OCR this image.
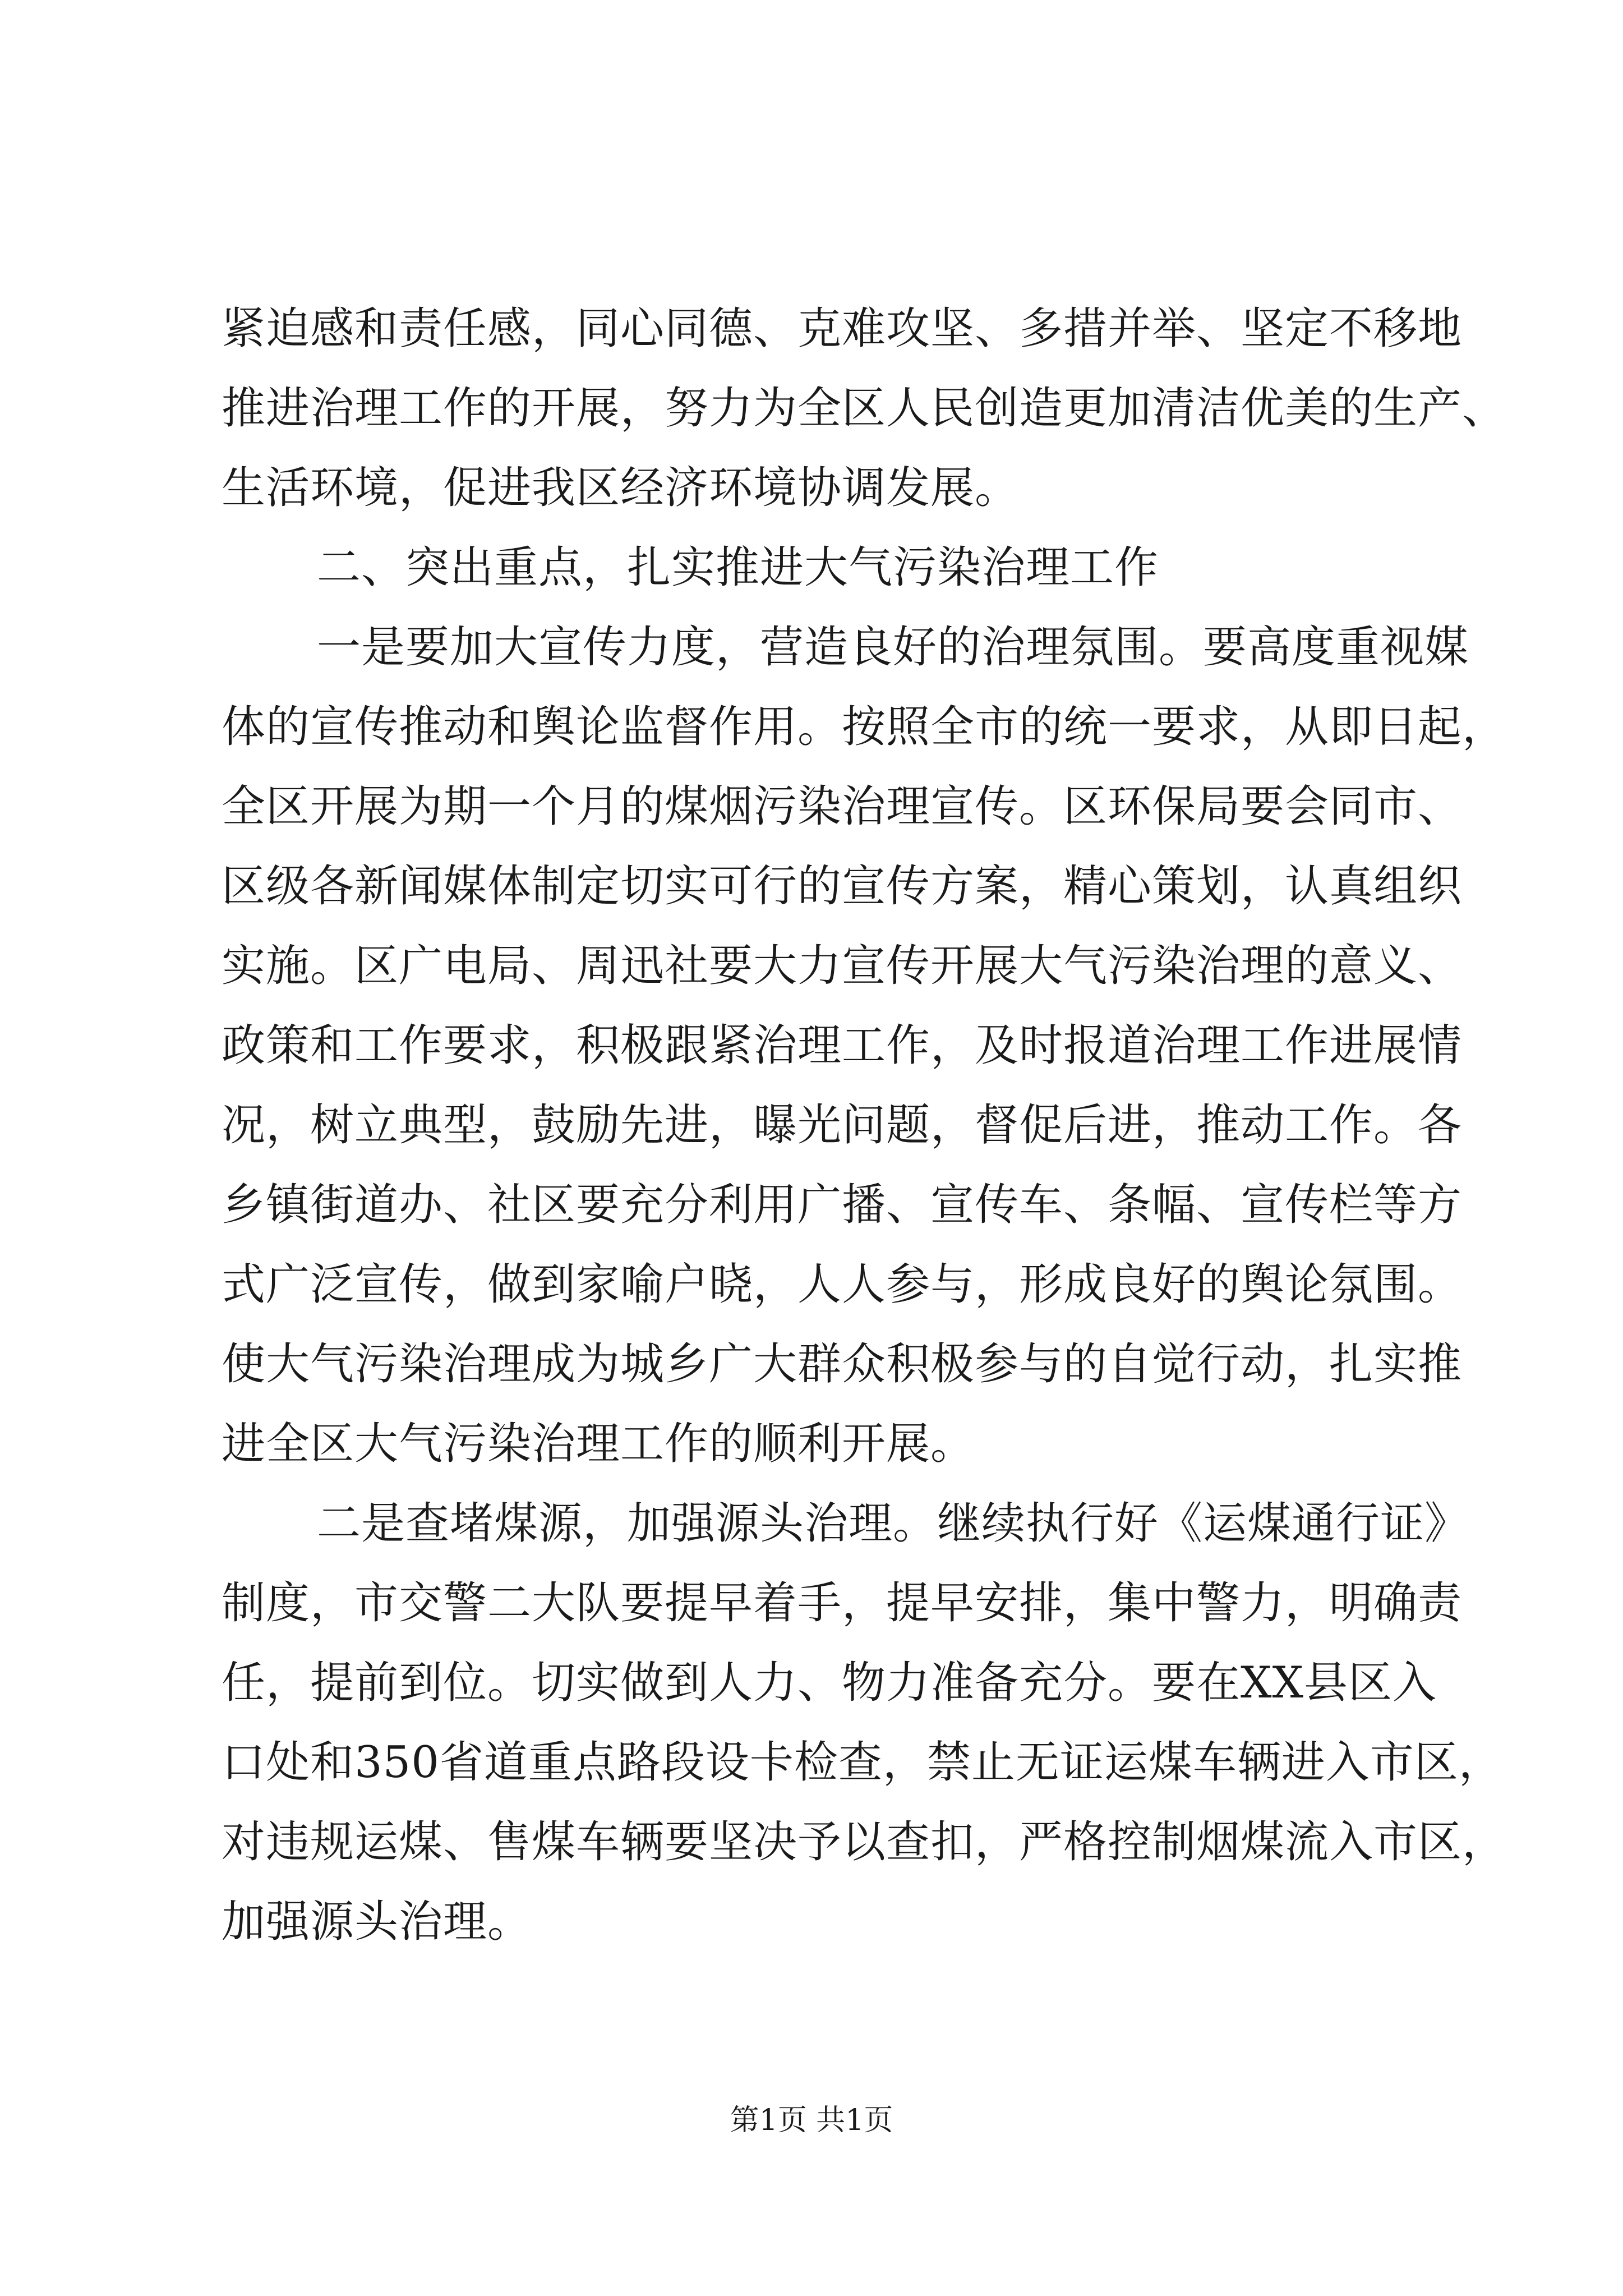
紧迫感和责任感，同心同德、克难攻坚、多措并举、坚定不移地
推进治理工作的开展，努力为全区人民创造更加清洁优美的生产、
生活环境，促进我区经济环境协调发展。
二、突出重点，扎实推进大气污染治理工作
一是要加大宣传力度，营造良好的治理氛围。要高度重视媒
体的宣传推动和舆论监督作用。按照全市的统一要求，从即日起，
全区开展为期一个月的煤烟污染治理宣传。区环保局要会同市、
区级各新闻媒体制定切实可行的宣传方案，精心策划，认真组织
实施。区广电局、周迅社要大力宣传开展大气污染治理的意义、
政策和工作要求，积极跟紧治理工作，及时报道治理工作进展情
况，树立典型，鼓励先进，曝光问题，督促后进，推动工作。各
乡镇街道办、社区要充分利用广播、宣传车、条幅、宣传栏等方
式广泛宣传，做到家喻户晓，人人参与，形成良好的舆论氛围。
使大气污染治理成为城乡广大群众积极参与的自觉行动，扎实推
进全区大气污染治理工作的顺利开展。
二是查堵煤源，加强源头治理。继续执行好《运煤通行证》
制度，市交警二大队要提早着手，提早安排，集中警力，明确责
任，提前到位。切实做到人力、物力准备充分。要在XX县区入
口处和350省道重点路段设卡检查，禁止无证运煤车辆进入市区，
对违规运煤、售煤车辆要坚决予以查扣，严格控制烟煤流入市区，
加强源头治理。
第1页 共1页
